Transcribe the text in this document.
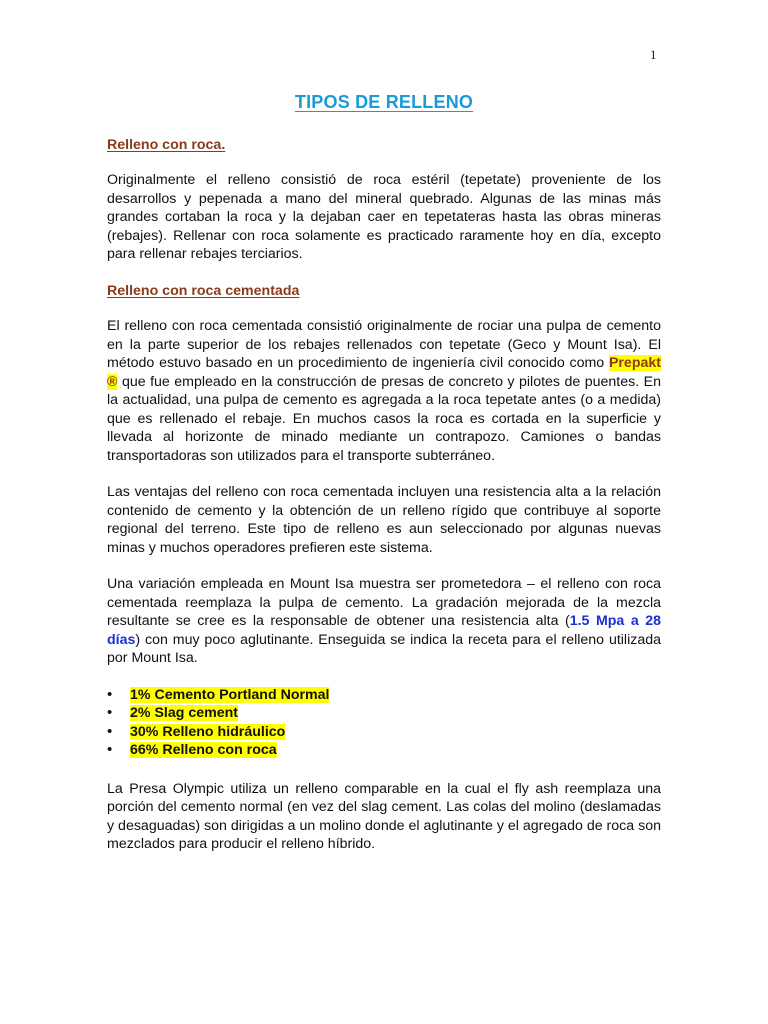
1
TIPOS DE RELLENO
Relleno con roca.

Originalmente el relleno consistió de roca estéril (tepetate) proveniente de los desarrollos y pepenada a mano del mineral quebrado. Algunas de las minas más grandes cortaban la roca y la dejaban caer en tepetateras hasta las obras mineras (rebajes). Rellenar con roca solamente es practicado raramente hoy en día, excepto para rellenar rebajes terciarios.

Relleno con roca cementada

El relleno con roca cementada consistió originalmente de rociar una pulpa de cemento en la parte superior de los rebajes rellenados con tepetate (Geco y Mount Isa). El método estuvo basado en un procedimiento de ingeniería civil conocido como Prepakt ® que fue empleado en la construcción de presas de concreto y pilotes de puentes. En la actualidad, una pulpa de cemento es agregada a la roca tepetate antes (o a medida) que es rellenado el rebaje. En muchos casos la roca es cortada en la superficie y llevada al horizonte de minado mediante un contrapozo. Camiones o bandas transportadoras son utilizados para el transporte subterráneo.

Las ventajas del relleno con roca cementada incluyen una resistencia alta a la relación contenido de cemento y la obtención de un relleno rígido que contribuye al soporte regional del terreno. Este tipo de relleno es aun seleccionado por algunas nuevas minas y muchos operadores prefieren este sistema.

Una variación empleada en Mount Isa muestra ser prometedora – el relleno con roca cementada reemplaza la pulpa de cemento. La gradación mejorada de la mezcla resultante se cree es la responsable de obtener una resistencia alta (1.5 Mpa a 28 días) con muy poco aglutinante. Enseguida se indica la receta para el relleno utilizada por Mount Isa.

• 1% Cemento Portland Normal
• 2% Slag cement
• 30% Relleno hidráulico
• 66% Relleno con roca

La Presa Olympic utiliza un relleno comparable en la cual el fly ash reemplaza una porción del cemento normal (en vez del slag cement. Las colas del molino (deslamadas y desaguadas) son dirigidas a un molino donde el aglutinante y el agregado de roca son mezclados para producir el relleno híbrido.
